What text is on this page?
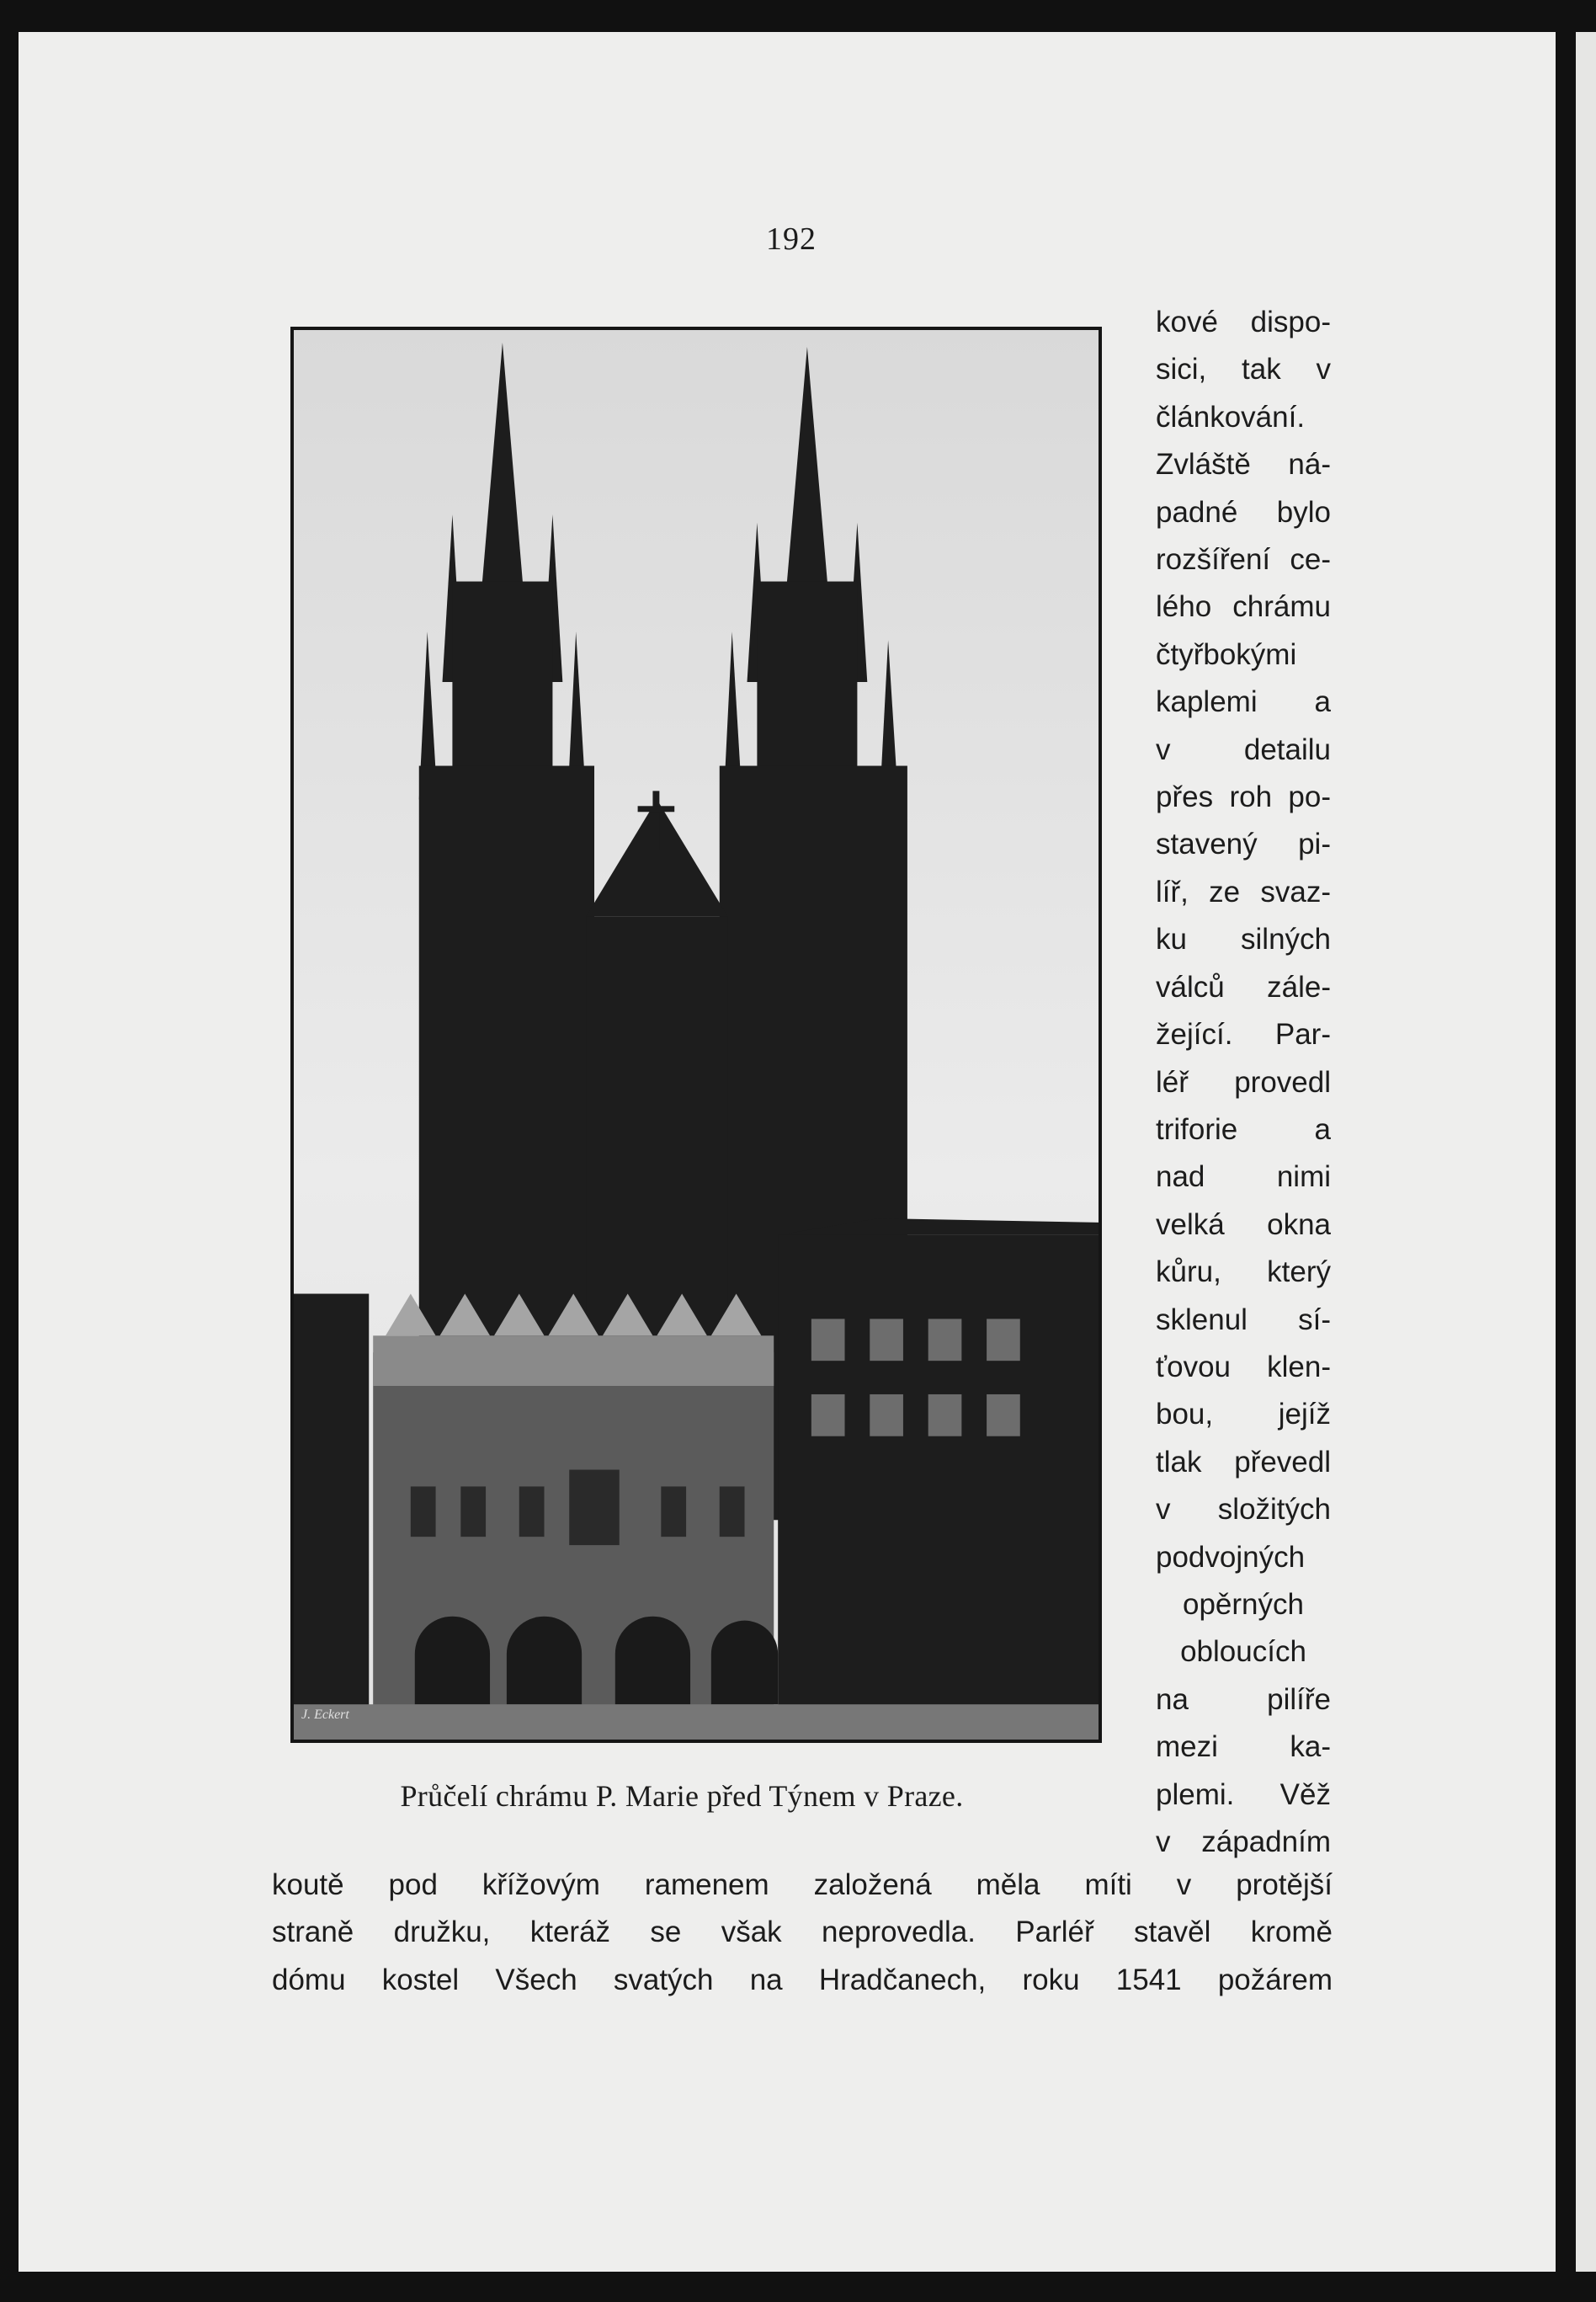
192
J. Eckert
Průčelí chrámu P. Marie před Týnem v Praze.
kové dispo-
sici, tak v
článkování.
Zvláště ná-
padné bylo
rozšíření ce-
lého chrámu
čtyřbokými
kaplemi a
v detailu
přes roh po-
stavený pi-
líř, ze svaz-
ku silných
válců zále-
žející. Par-
léř provedl
triforie a
nad nimi
velká okna
kůru, který
sklenul sí-
ťovou klen-
bou, jejíž
tlak převedl
v složitých
podvojných
opěrných
obloucích
na pilíře
mezi ka-
plemi. Věž
v západním
koutě pod křížovým ramenem založená měla míti v protější
straně družku, kteráž se však neprovedla. Parléř stavěl kromě
dómu kostel Všech svatých na Hradčanech, roku 1541 požárem
